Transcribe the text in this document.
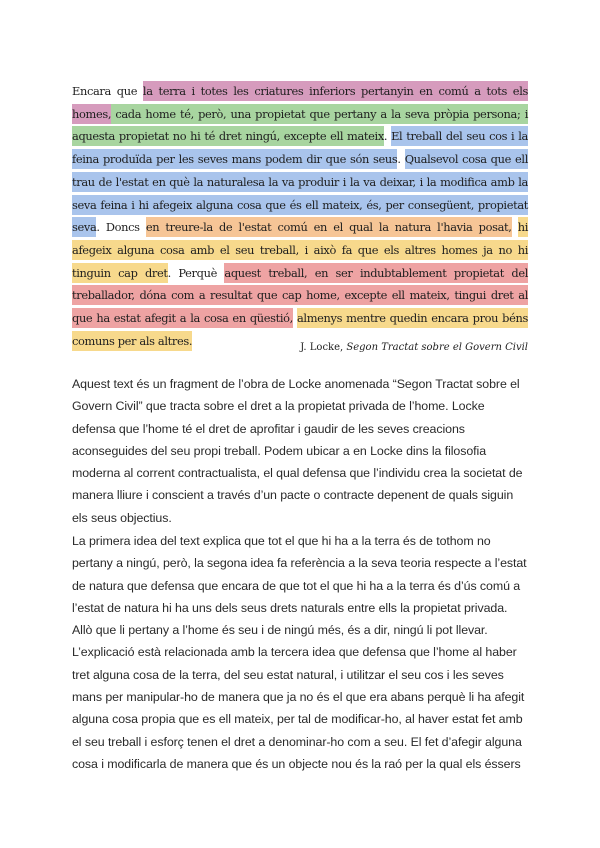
Encara que la terra i totes les criatures inferiors pertanyin en comú a tots els homes, cada home té, però, una propietat que pertany a la seva pròpia persona; i aquesta propietat no hi té dret ningú, excepte ell mateix. El treball del seu cos i la feina produïda per les seves mans podem dir que són seus. Qualsevol cosa que ell trau de l'estat en què la naturalesa la va produir i la va deixar, i la modifica amb la seva feina i hi afegeix alguna cosa que és ell mateix, és, per consegüent, propietat seva. Doncs en treure-la de l'estat comú en el qual la natura l'havia posat, hi afegeix alguna cosa amb el seu treball, i això fa que els altres homes ja no hi tinguin cap dret. Perquè aquest treball, en ser indubtablement propietat del treballador, dóna com a resultat que cap home, excepte ell mateix, tingui dret al que ha estat afegit a la cosa en qüestió, almenys mentre quedin encara prou béns comuns per als altres.	J. Locke, Segon Tractat sobre el Govern Civil

Aquest text és un fragment de l’obra de Locke anomenada “Segon Tractat sobre el Govern Civil” que tracta sobre el dret a la propietat privada de l’home. Locke defensa que l’home té el dret de aprofitar i gaudir de les seves creacions aconseguides del seu propi treball. Podem ubicar a en Locke dins la filosofia moderna al corrent contractualista, el qual defensa que l’individu crea la societat de manera lliure i conscient a través d’un pacte o contracte depenent de quals siguin els seus objectius.

La primera idea del text explica que tot el que hi ha a la terra és de tothom no pertany a ningú, però, la segona idea fa referència a la seva teoria respecte a l’estat de natura que defensa que encara de que tot el que hi ha a la terra és d’ús comú a l’estat de natura hi ha uns dels seus drets naturals entre ells la propietat privada. Allò que li pertany a l’home és seu i de ningú més, és a dir, ningú li pot llevar. L’explicació està relacionada amb la tercera idea que defensa que l’home al haber tret alguna cosa de la terra, del seu estat natural, i utilitzar el seu cos i les seves mans per manipular-ho de manera que ja no és el que era abans perquè li ha afegit alguna cosa propia que es ell mateix, per tal de modificar-ho, al haver estat fet amb el seu treball i esforç tenen el dret a denominar-ho com a seu. El fet d’afegir alguna cosa i modificarla de manera que és un objecte nou és la raó per la qual els éssers
